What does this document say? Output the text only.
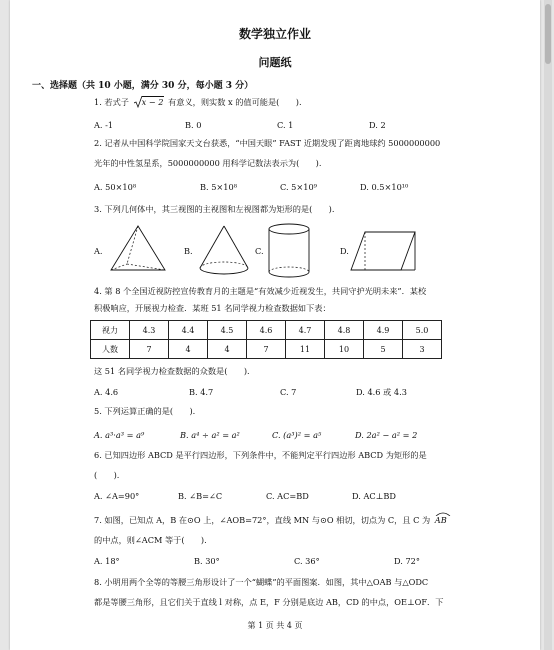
数学独立作业
问题纸
一、选择题（共 10 小题，满分 30 分，每小题 3 分）
1. 若式子 x − 2 有意义，则实数 x 的值可能是(　　).
A. -1	B. 0	C. 1	D. 2
2. 记者从中国科学院国家天文台获悉，“中国天眼” FAST 近期发现了距离地球约 5000000000
光年的中性氢星系，5000000000 用科学记数法表示为(　　).
A. 50×10⁸	B. 5×10⁸	C. 5×10⁹	D. 0.5×10¹⁰
3. 下列几何体中，其三视图的主视图和左视图都为矩形的是(　　).
A.	B.	C.	D.
4. 第 8 个全国近视防控宣传教育月的主题是“有效减少近视发生，共同守护光明未来”．某校
积极响应，开展视力检查．某班 51 名同学视力检查数据如下表：
视力	4.3	4.4	4.5	4.6	4.7	4.8	4.9	5.0
人数	7	4	4	7	11	10	5	3
这 51 名同学视力检查数据的众数是(　　).
A. 4.6	B. 4.7	C. 7	D. 4.6 或 4.3
5. 下列运算正确的是(　　).
A. a³·a³ = a⁹	B. a⁴ ÷ a² = a²	C. (a³)² = a⁵	D. 2a² − a² = 2
6. 已知四边形 ABCD 是平行四边形，下列条件中，不能判定平行四边形 ABCD 为矩形的是
(　　).
A. ∠A=90°	B. ∠B=∠C	C. AC=BD	D. AC⊥BD
7. 如图，已知点 A，B 在⊙O 上，∠AOB=72°，直线 MN 与⊙O 相切，切点为 C，且 C 为 AB
的中点，则∠ACM 等于(　　).
A. 18°	B. 30°	C. 36°	D. 72°
8. 小明用两个全等的等腰三角形设计了一个“蝴蝶”的平面图案．如图，其中△OAB 与△ODC
都是等腰三角形，且它们关于直线 l 对称，点 E，F 分别是底边 AB，CD 的中点，OE⊥OF．下
第 1 页 共 4 页
